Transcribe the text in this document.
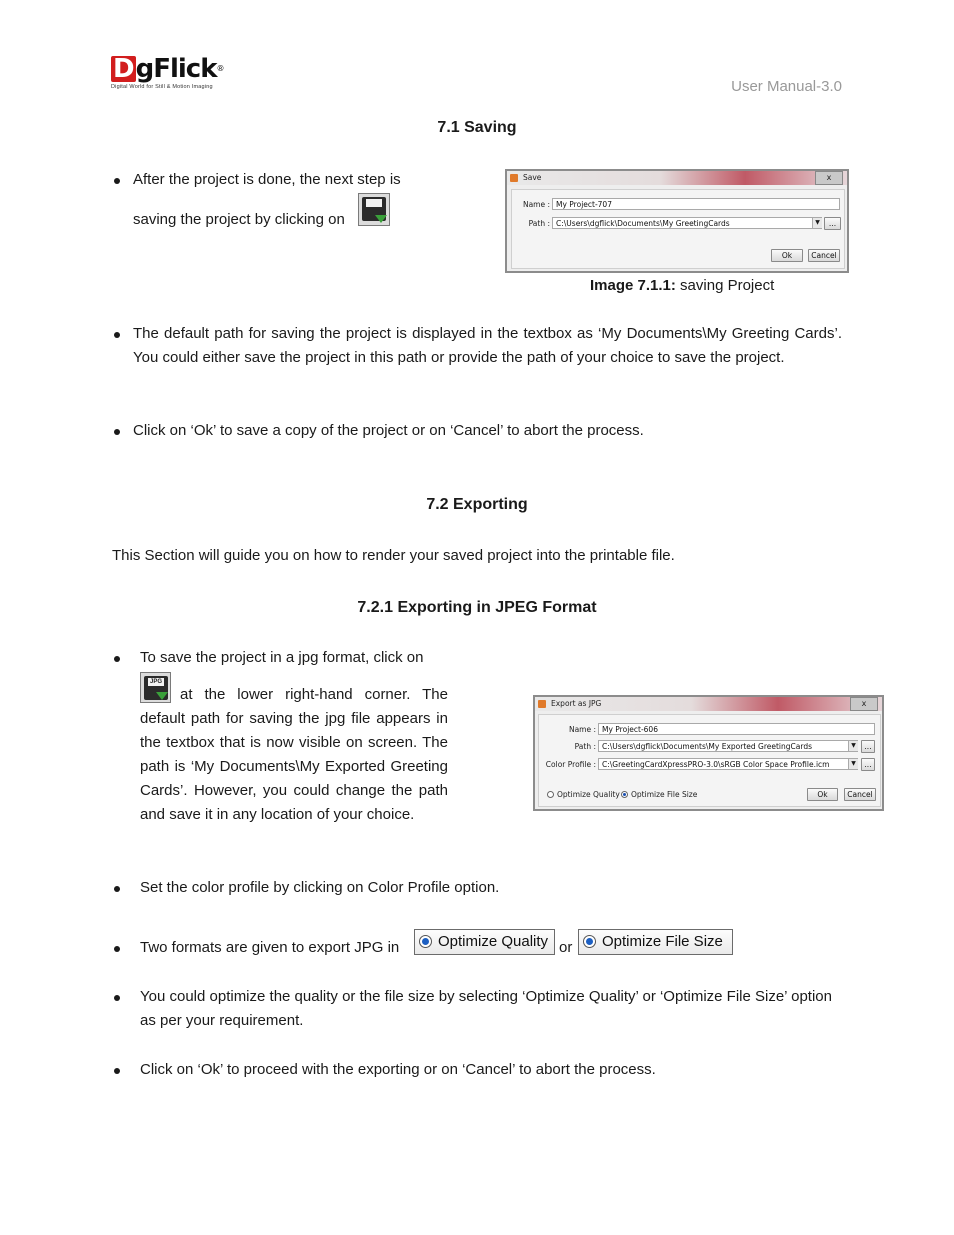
DgFlick®
Digital World for Still & Motion Imaging	User Manual-3.0
7.1 Saving
After the project is done, the next step is
saving the project by clicking on
Save	x
Name : My Project-707
Path : C:\Users\dgflick\Documents\My GreetingCards	▼	...
Ok	Cancel
Image 7.1.1: saving Project
The default path for saving the project is displayed in the textbox as ‘My Documents\My Greeting Cards’. You could either save the project in this path or provide the path of your choice to save the project.
Click on ‘Ok’ to save a copy of the project or on ‘Cancel’ to abort the process.
7.2 Exporting
This Section will guide you on how to render your saved project into the printable file.
7.2.1 Exporting in JPEG Format
To save the project in a jpg format, click on
JPG
at the lower right-hand corner. The
default path for saving the jpg file appears in the textbox that is now visible on screen. The path is ‘My Documents\My Exported Greeting Cards’. However, you could change the path and save it in any location of your choice.
Export as JPG	x
Name : My Project-606
Path : C:\Users\dgflick\Documents\My Exported GreetingCards	▼	...
Color Profile : C:\GreetingCardXpressPRO-3.0\sRGB Color Space Profile.icm	▼	...
Optimize Quality	Optimize File Size	Ok	Cancel
Set the color profile by clicking on Color Profile option.
Two formats are given to export JPG in	Optimize Quality or	Optimize File Size
You could optimize the quality or the file size by selecting ‘Optimize Quality’ or ‘Optimize File Size’ option as per your requirement.
Click on ‘Ok’ to proceed with the exporting or on ‘Cancel’ to abort the process.
